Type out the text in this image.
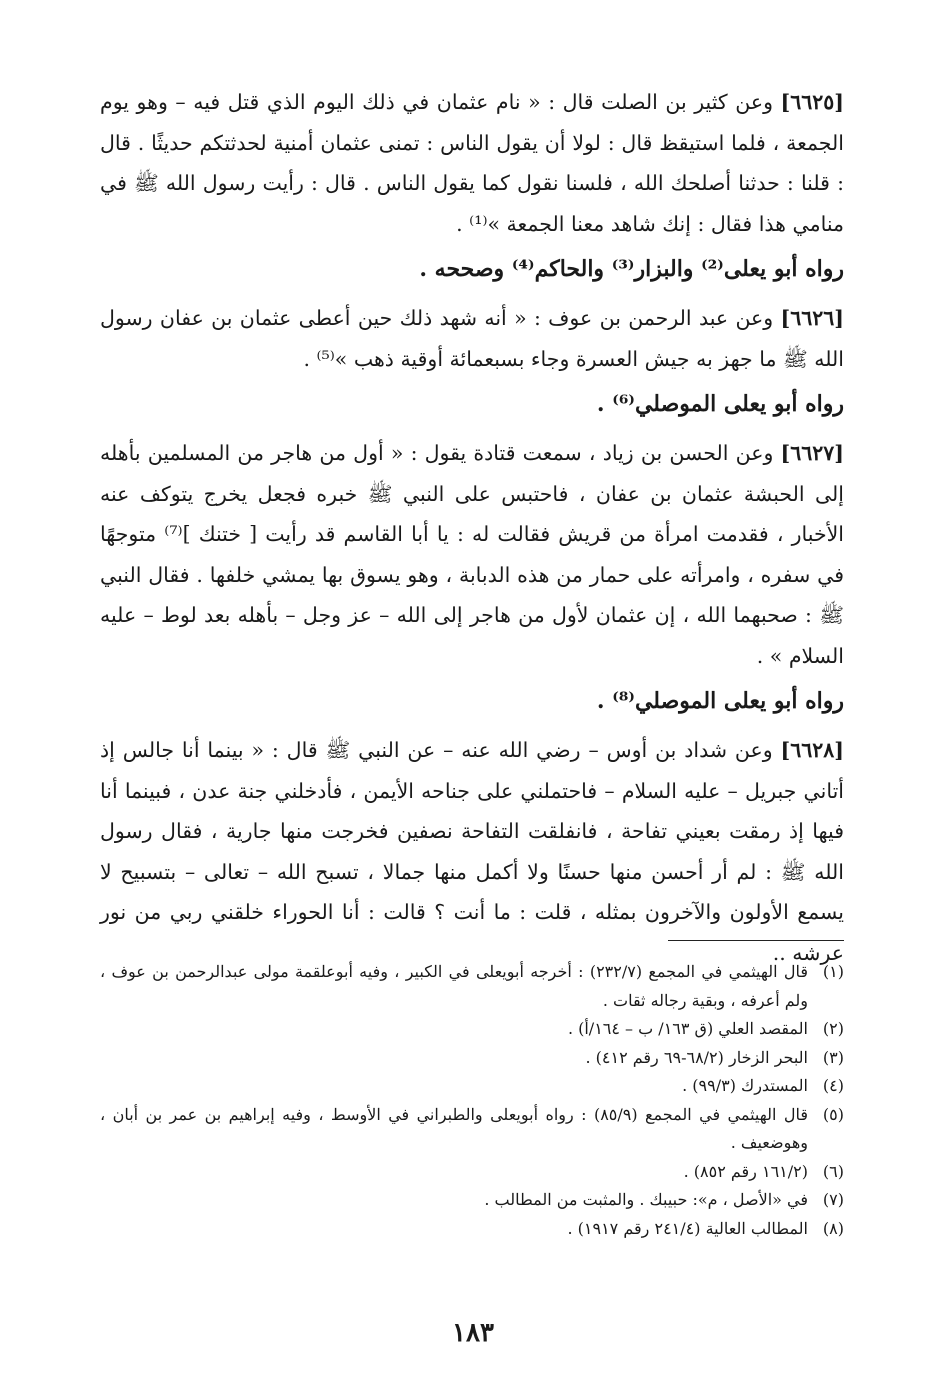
[٦٦٢٥] وعن كثير بن الصلت قال : « نام عثمان في ذلك اليوم الذي قتل فيه – وهو يوم الجمعة ، فلما استيقظ قال : لولا أن يقول الناس : تمنى عثمان أمنية لحدثتكم حديثًا . قال : قلنا : حدثنا أصلحك الله ، فلسنا نقول كما يقول الناس . قال : رأيت رسول الله ﷺ في منامي هذا فقال : إنك شاهد معنا الجمعة »⁽¹⁾ .

رواه أبو يعلى⁽²⁾ والبزار⁽³⁾ والحاكم⁽⁴⁾ وصححه .

[٦٦٢٦] وعن عبد الرحمن بن عوف : « أنه شهد ذلك حين أعطى عثمان بن عفان رسول الله ﷺ ما جهز به جيش العسرة وجاء بسبعمائة أوقية ذهب »⁽⁵⁾ .

رواه أبو يعلى الموصلي⁽⁶⁾ .

[٦٦٢٧] وعن الحسن بن زياد ، سمعت قتادة يقول : « أول من هاجر من المسلمين بأهله إلى الحبشة عثمان بن عفان ، فاحتبس على النبي ﷺ خبره فجعل يخرج يتوكف عنه الأخبار ، فقدمت امرأة من قريش فقالت له : يا أبا القاسم قد رأيت [ ختنك ]⁽⁷⁾ متوجهًا في سفره ، وامرأته على حمار من هذه الدبابة ، وهو يسوق بها يمشي خلفها . فقال النبي ﷺ : صحبهما الله ، إن عثمان لأول من هاجر إلى الله – عز وجل – بأهله بعد لوط – عليه السلام » .

رواه أبو يعلى الموصلي⁽⁸⁾ .

[٦٦٢٨] وعن شداد بن أوس – رضي الله عنه – عن النبي ﷺ قال : « بينما أنا جالس إذ أتاني جبريل – عليه السلام – فاحتملني على جناحه الأيمن ، فأدخلني جنة عدن ، فبينما أنا فيها إذ رمقت بعيني تفاحة ، فانفلقت التفاحة نصفين فخرجت منها جارية ، فقال رسول الله ﷺ : لم أر أحسن منها حسنًا ولا أكمل منها جمالا ، تسبح الله – تعالى – بتسبيح لا يسمع الأولون والآخرون بمثله ، قلت : ما أنت ؟ قالت : أنا الحوراء خلقني ربي من نور عرشه ..

(١)
قال الهيثمي في المجمع (٢٣٢/٧) : أخرجه أبويعلى في الكبير ، وفيه أبوعلقمة مولى عبدالرحمن بن عوف ، ولم أعرفه ، وبقية رجاله ثقات .
(٢)
المقصد العلي (ق ١٦٣/ ب – ١٦٤/أ) .
(٣)
البحر الزخار (٦٨/٢-٦٩ رقم ٤١٢) .
(٤)
المستدرك (٩٩/٣) .
(٥)
قال الهيثمي في المجمع (٨٥/٩) : رواه أبويعلى والطبراني في الأوسط ، وفيه إبراهيم بن عمر بن أبان ، وهوضعيف .
(٦)
(١٦١/٢ رقم ٨٥٢) .
(٧)
في «الأصل ، م»: حبيبك . والمثبت من المطالب .
(٨)
المطالب العالية (٢٤١/٤ رقم ١٩١٧) .
١٨٣
